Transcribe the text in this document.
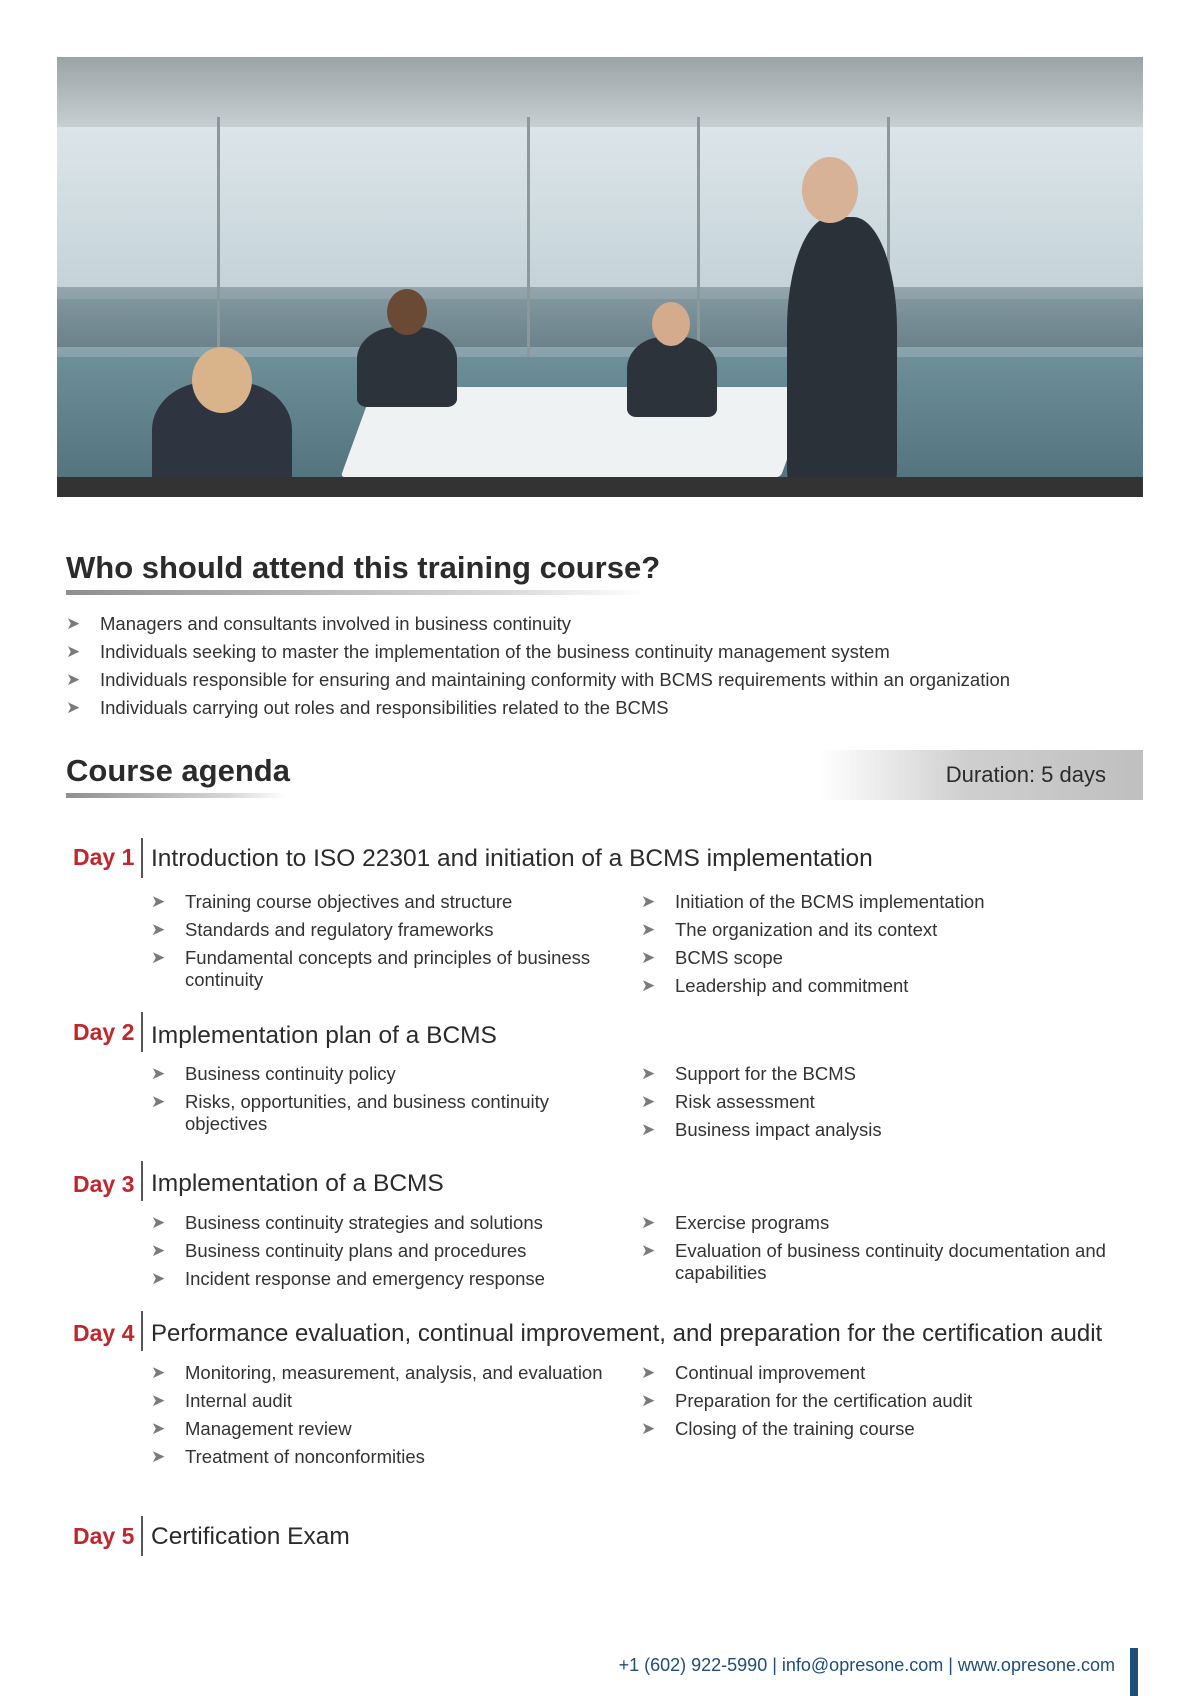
Who should attend this training course?
➤ Managers and consultants involved in business continuity
➤ Individuals seeking to master the implementation of the business continuity management system
➤ Individuals responsible for ensuring and maintaining conformity with BCMS requirements within an organization
➤ Individuals carrying out roles and responsibilities related to the BCMS
Course agenda	Duration: 5 days
Day 1 Introduction to ISO 22301 and initiation of a BCMS implementation
➤ Training course objectives and structure
➤ Standards and regulatory frameworks
➤ Fundamental concepts and principles of business continuity
➤ Initiation of the BCMS implementation
➤ The organization and its context
➤ BCMS scope
➤ Leadership and commitment
Day 2 Implementation plan of a BCMS
➤ Business continuity policy
➤ Risks, opportunities, and business continuity objectives
➤ Support for the BCMS
➤ Risk assessment
➤ Business impact analysis
Day 3 Implementation of a BCMS
➤ Business continuity strategies and solutions
➤ Business continuity plans and procedures
➤ Incident response and emergency response
➤ Exercise programs
➤ Evaluation of business continuity documentation and capabilities
Day 4 Performance evaluation, continual improvement, and preparation for the certification audit
➤ Monitoring, measurement, analysis, and evaluation
➤ Internal audit
➤ Management review
➤ Treatment of nonconformities
➤ Continual improvement
➤ Preparation for the certification audit
➤ Closing of the training course
Day 5 Certification Exam
+1 (602) 922-5990 | info@opresone.com | www.opresone.com
